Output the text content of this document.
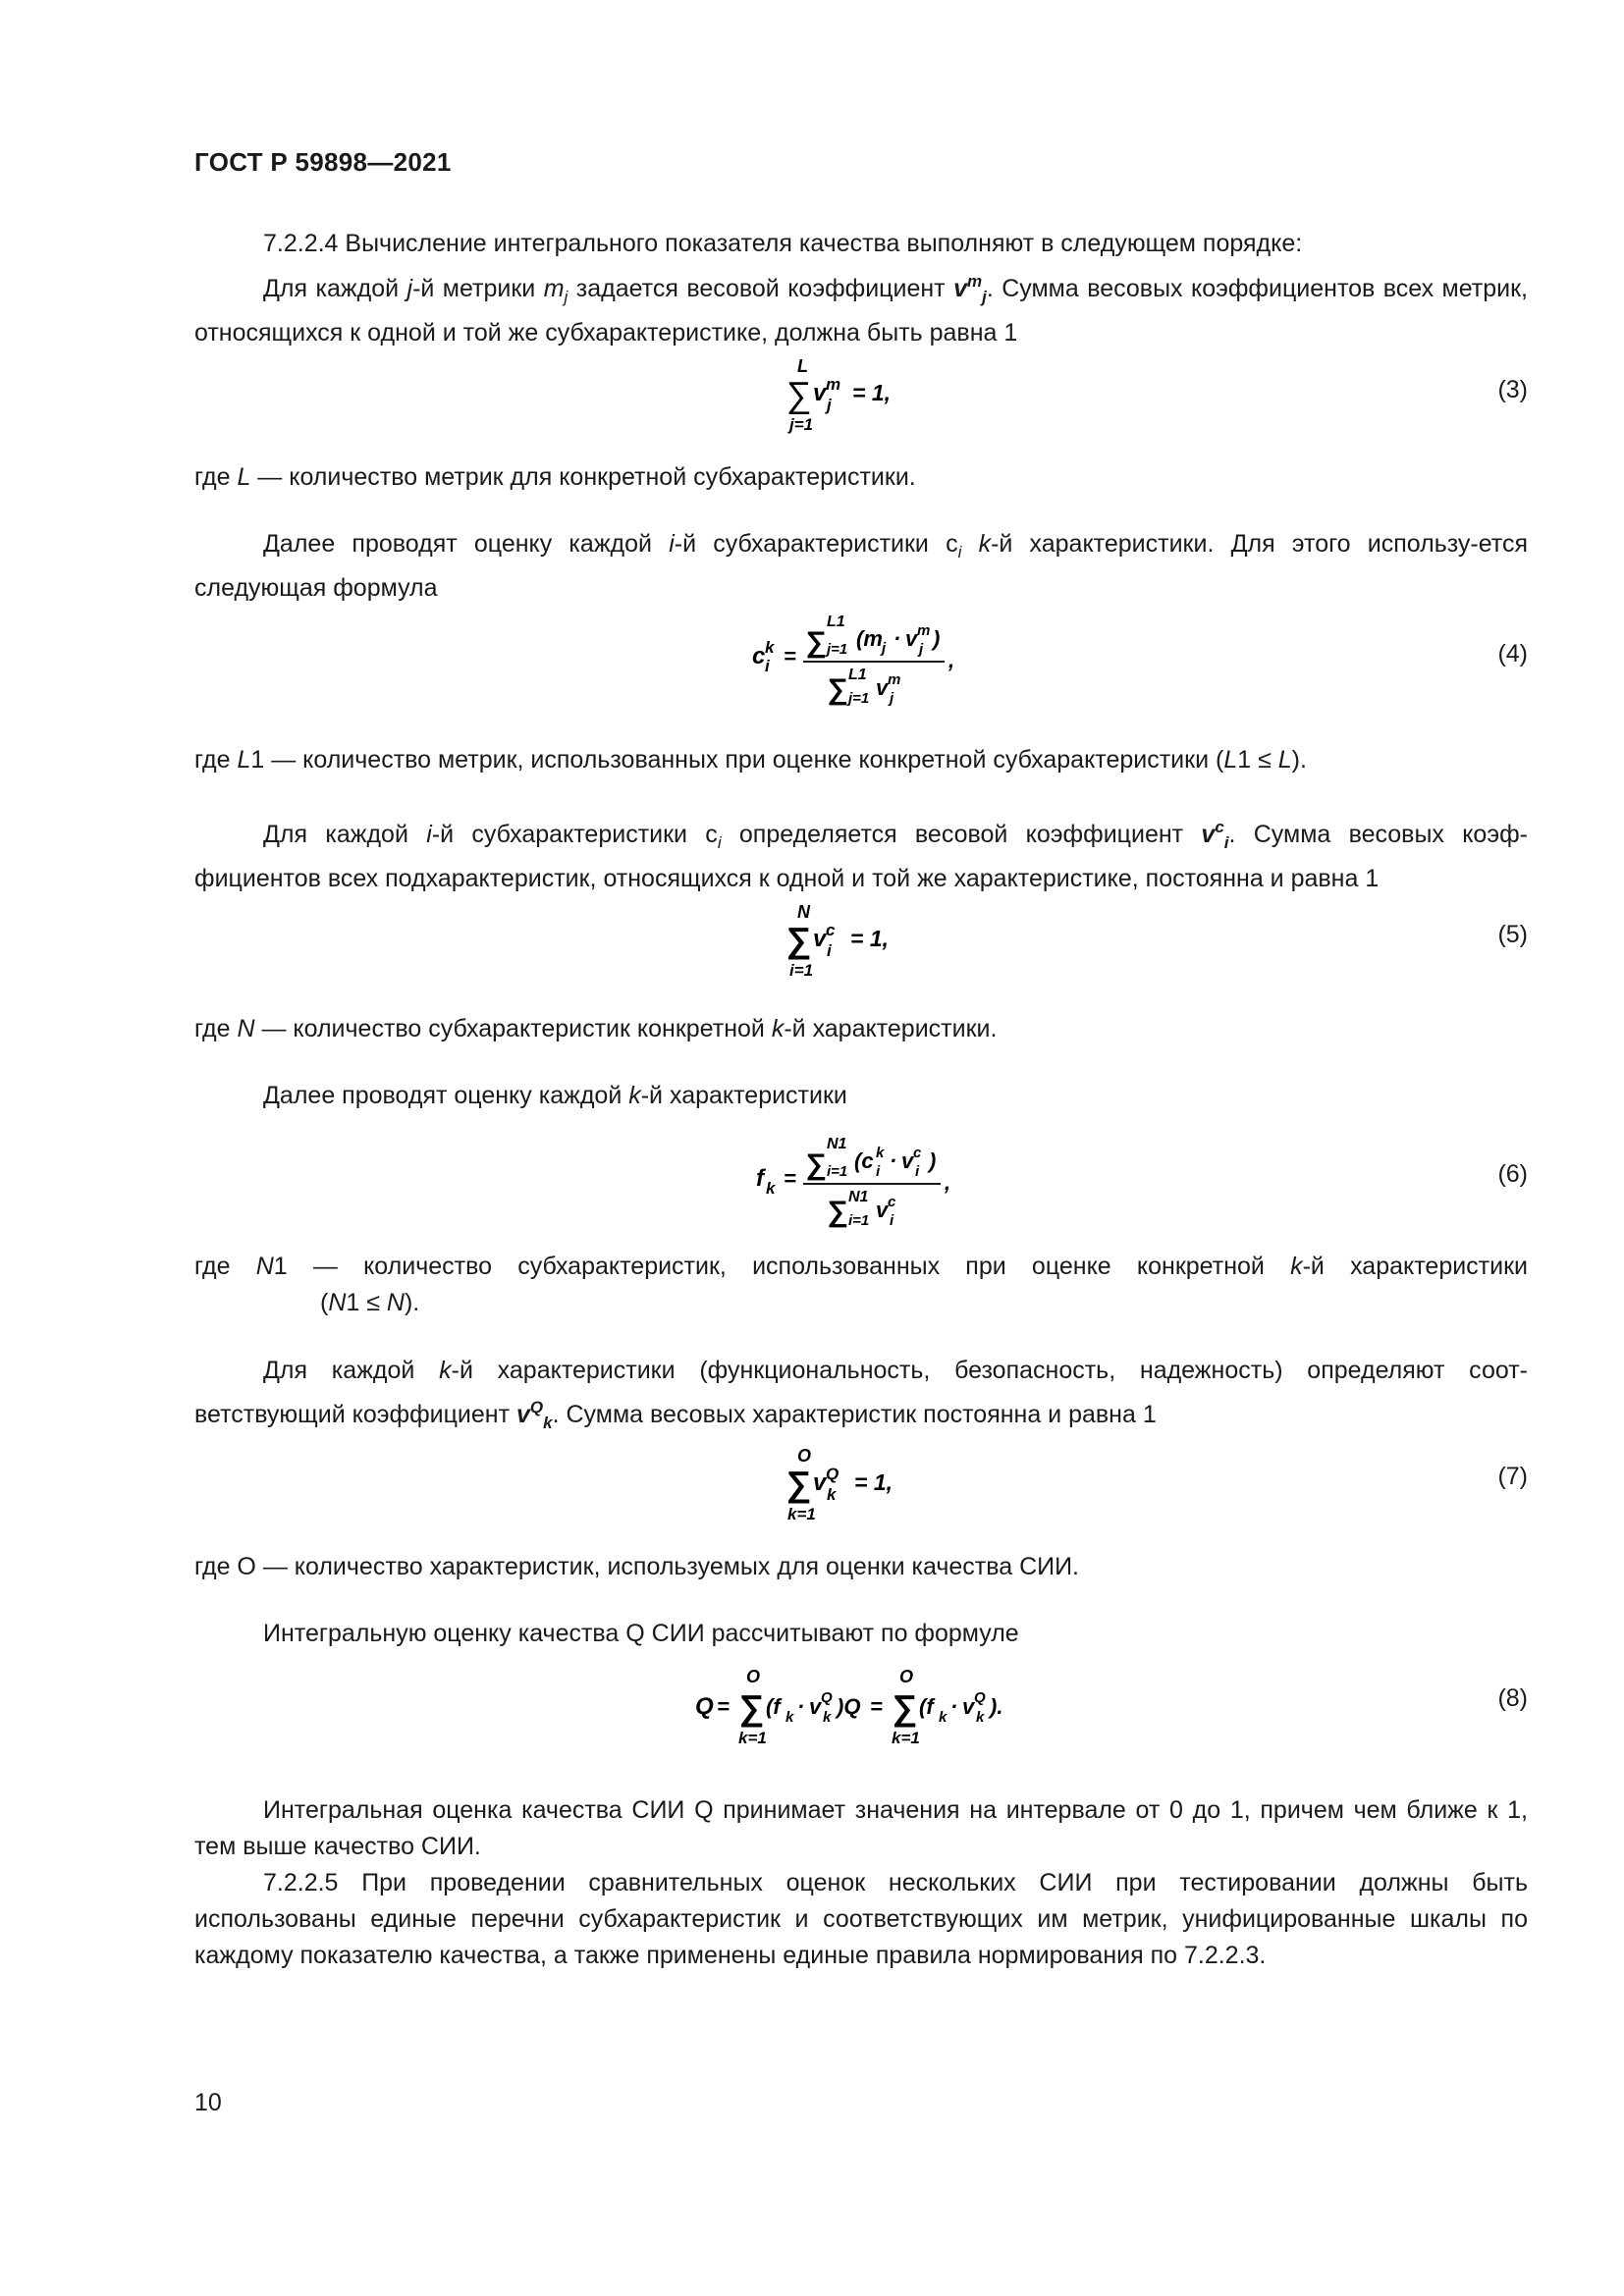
ГОСТ Р 59898—2021
7.2.2.4 Вычисление интегрального показателя качества выполняют в следующем порядке:
Для каждой j-й метрики $m_j$ задается весовой коэффициент $v^m_j$. Сумма весовых коэффициентов всех метрик, относящихся к одной и той же субхарактеристике, должна быть равна 1
L
∑
j=1
v m
j = 1,	(3)
где L — количество метрик для конкретной субхарактеристики.
Далее проводят оценку каждой i-й субхарактеристики $c_i$ k-й характеристики. Для этого использу-ется следующая формула
c k
i = ∑
L1
j=1 (m j · v m
j )
∑ L1
j=1 v m
j
,	(4)
где L1 — количество метрик, использованных при оценке конкретной субхарактеристики (L1 ≤ L).
Для каждой i-й субхарактеристики $c_i$ определяется весовой коэффициент $v^c_i$. Сумма весовых коэф-фициентов всех подхарактеристик, относящихся к одной и той же характеристике, постоянна и равна 1
N
∑
i=1
v c
i = 1,	(5)
где N — количество субхарактеристик конкретной k-й характеристики.
Далее проводят оценку каждой k-й характеристики
f k = ∑
N1
i=1 (c k
i · v c
i )
∑ N1
i=1 v c
i
,	(6)
где N1 — количество субхарактеристик, использованных при оценке конкретной k-й характеристики
(N1 ≤ N).
Для каждой k-й характеристики (функциональность, безопасность, надежность) определяют соот-ветствующий коэффициент $v^Q_k$. Сумма весовых характеристик постоянна и равна 1
O
∑
k=1
v Q
k = 1,	(7)
где O — количество характеристик, используемых для оценки качества СИИ.
Интегральную оценку качества Q СИИ рассчитывают по формуле
Q =
O
∑
k=1
(f k · v Q
k )Q =
O
∑
k=1
(f k · v Q
k ).	(8)
Интегральная оценка качества СИИ Q принимает значения на интервале от 0 до 1, причем чем ближе к 1, тем выше качество СИИ.
7.2.2.5 При проведении сравнительных оценок нескольких СИИ при тестировании должны быть использованы единые перечни субхарактеристик и соответствующих им метрик, унифицированные шкалы по каждому показателю качества, а также применены единые правила нормирования по 7.2.2.3.
10
